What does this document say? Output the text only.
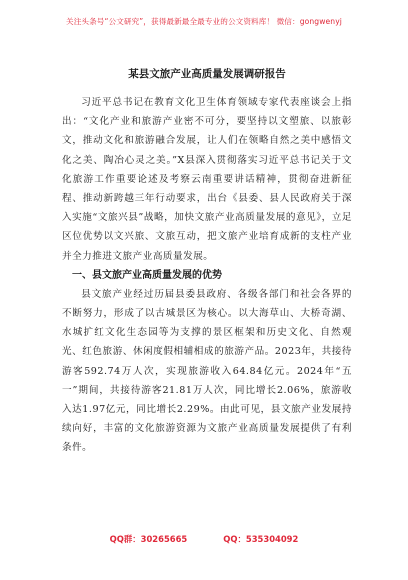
关注头条号“公文研究”，获得最新最全最专业的公文资料库！ 微信：gongwenyj
某县文旅产业高质量发展调研报告

习近平总书记在教育文化卫生体育领域专家代表座谈会上指出：“文化产业和旅游产业密不可分，要坚持以文塑旅、以旅彰文，推动文化和旅游融合发展，让人们在领略自然之美中感悟文化之美、陶冶心灵之美。”X县深入贯彻落实习近平总书记关于文化旅游工作重要论述及考察云南重要讲话精神，贯彻奋进新征程、推动新跨越三年行动要求，出台《县委、县人民政府关于深入实施“文旅兴县”战略，加快文旅产业高质量发展的意见》，立足区位优势以文兴旅、文旅互动，把文旅产业培育成新的支柱产业并全力推进文旅产业高质量发展。

一、县文旅产业高质量发展的优势

县文旅产业经过历届县委县政府、各级各部门和社会各界的不断努力，形成了以古城景区为核心。以大海草山、大桥奇湖、水城扩红文化生态园等为支撑的景区框架和历史文化、自然观光、红色旅游、休闲度假相辅相成的旅游产品。2023年，共接待游客592.74万人次，实现旅游收入64.84亿元。2024年“五一”期间，共接待游客21.81万人次，同比增长2.06%，旅游收入达1.97亿元，同比增长2.29%。由此可见，县文旅产业发展持续向好，丰富的文化旅游资源为文旅产业高质量发展提供了有利条件。

QQ群：30265665	QQ：535304092
